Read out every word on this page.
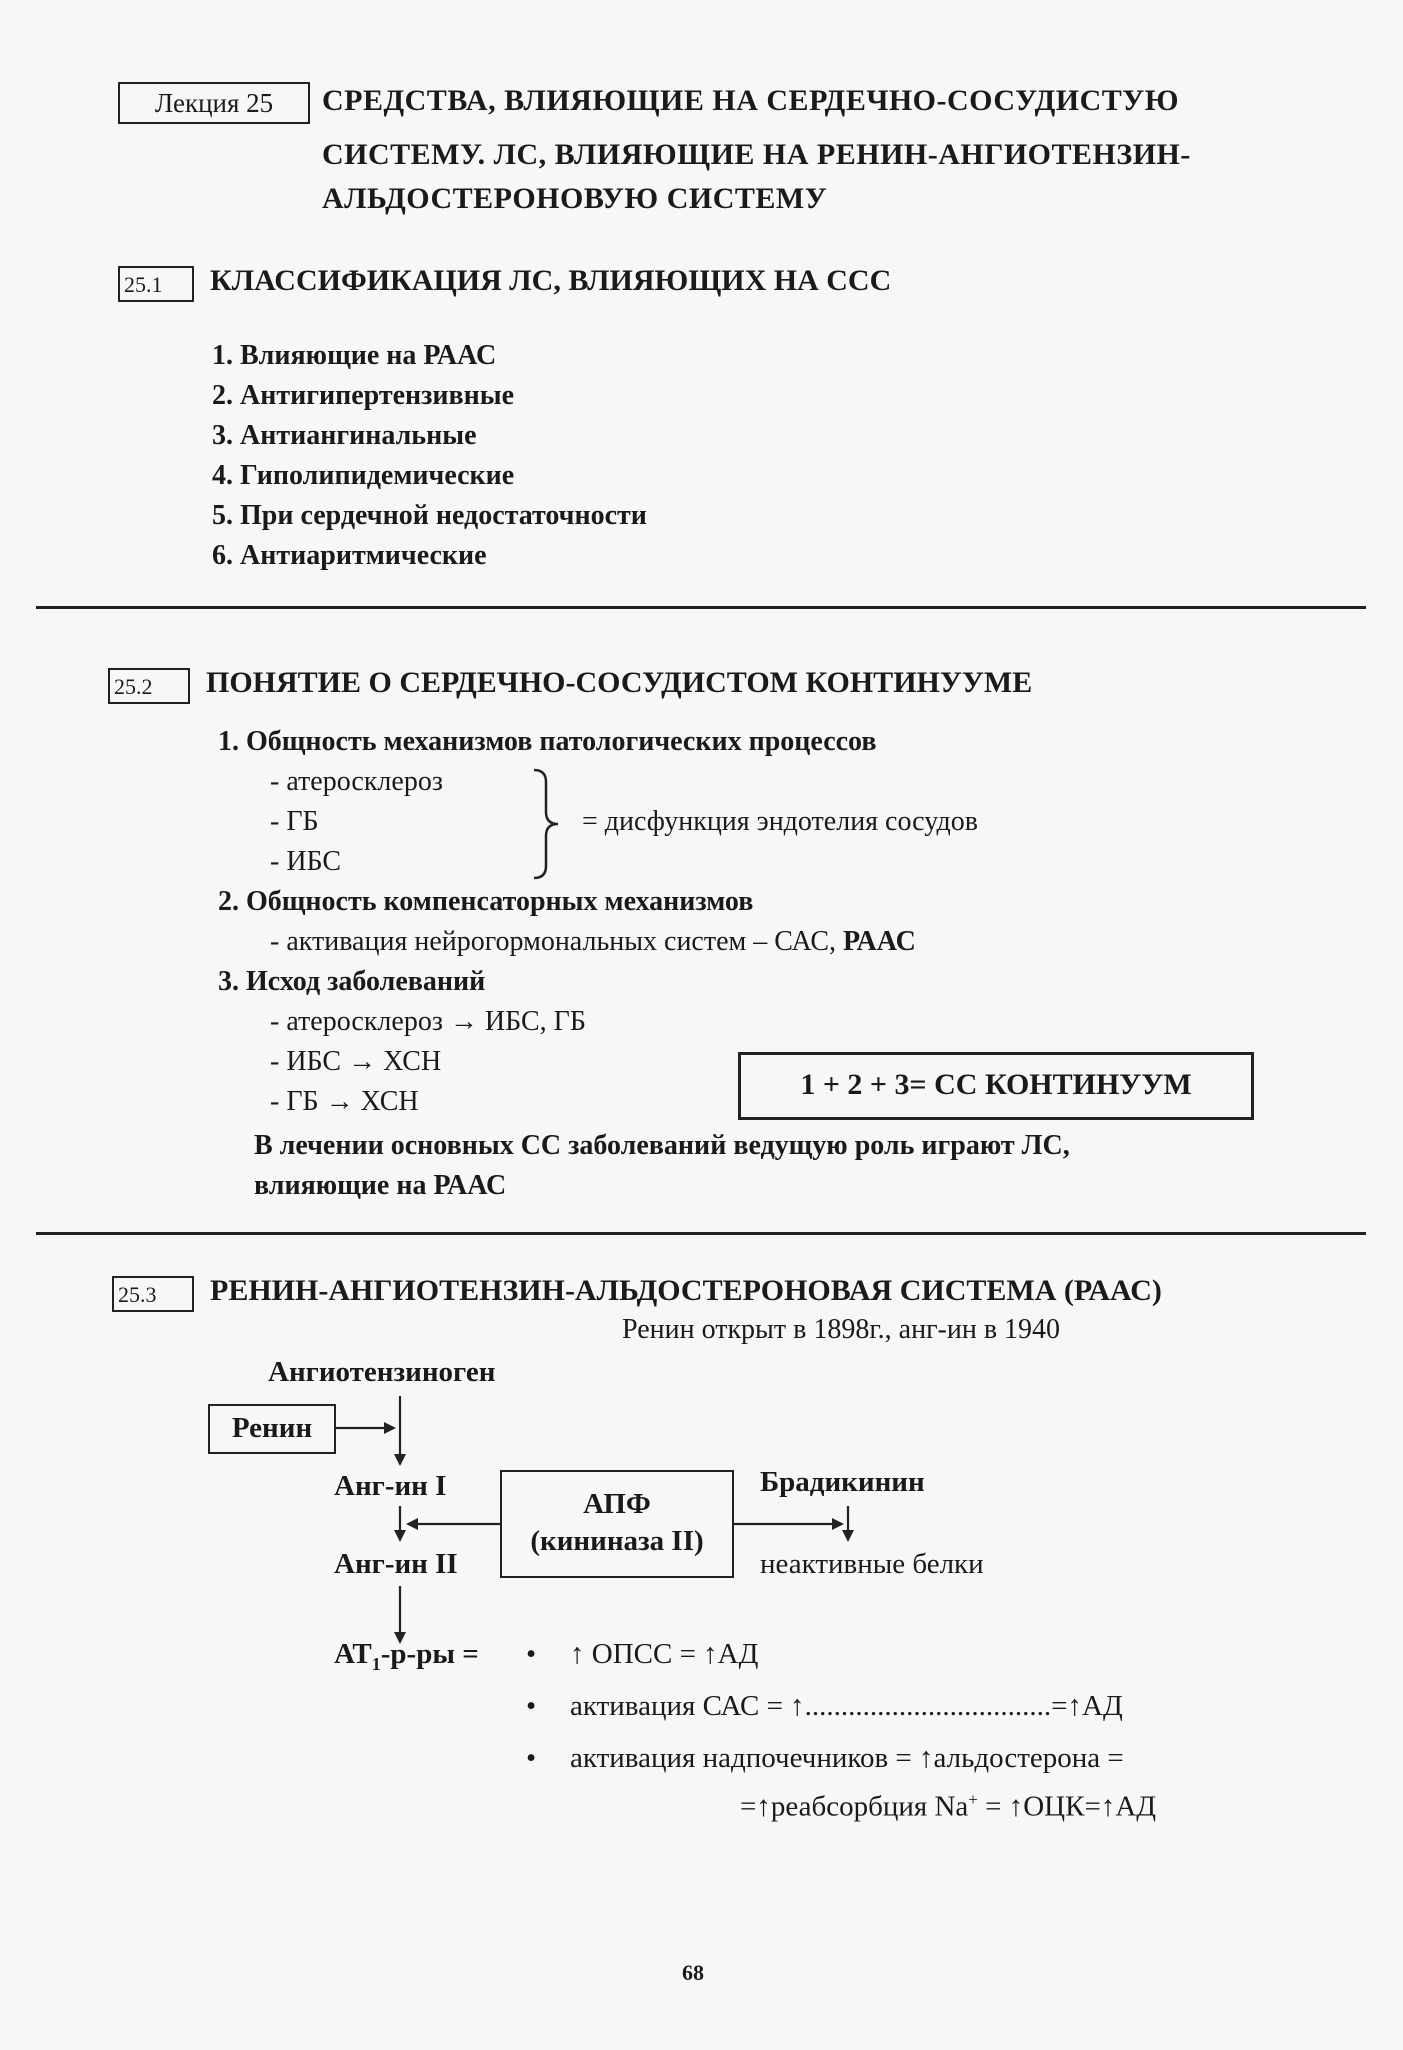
Лекция 25	СРЕДСТВА, ВЛИЯЮЩИЕ НА СЕРДЕЧНО-СОСУДИСТУЮ
СИСТЕМУ. ЛС, ВЛИЯЮЩИЕ НА РЕНИН-АНГИОТЕНЗИН-
АЛЬДОСТЕРОНОВУЮ СИСТЕМУ
25.1	КЛАССИФИКАЦИЯ ЛС, ВЛИЯЮЩИХ НА ССС
1. Влияющие на РААС
2. Антигипертензивные
3. Антиангинальные
4. Гиполипидемические
5. При сердечной недостаточности
6. Антиаритмические
25.2	ПОНЯТИЕ О СЕРДЕЧНО-СОСУДИСТОМ КОНТИНУУМЕ
1. Общность механизмов патологических процессов
- атеросклероз
- ГБ
- ИБС
= дисфункция эндотелия сосудов
2. Общность компенсаторных механизмов
- активация нейрогормональных систем – САС, РААС
3. Исход заболеваний
- атеросклероз → ИБС, ГБ
- ИБС → ХСН
- ГБ → ХСН
1 + 2 + 3= СС КОНТИНУУМ
В лечении основных СС заболеваний ведущую роль играют ЛС,
влияющие на РААС
25.3	РЕНИН-АНГИОТЕНЗИН-АЛЬДОСТЕРОНОВАЯ СИСТЕМА (РААС)
Ренин открыт в 1898г., анг-ин в 1940
Ангиотензиноген
Ренин
Анг-ин I
Анг-ин II
АПФ
(кининаза II)
Брадикинин
неактивные белки
$АТ_1-р-ры$ = • ↑ ОПСС = ↑АД
• активация САС = ↑..................................=↑АД
• активация надпочечников = ↑альдостерона =
=↑реабсорбция Na+ = ↑ОЦК=↑АД
68
